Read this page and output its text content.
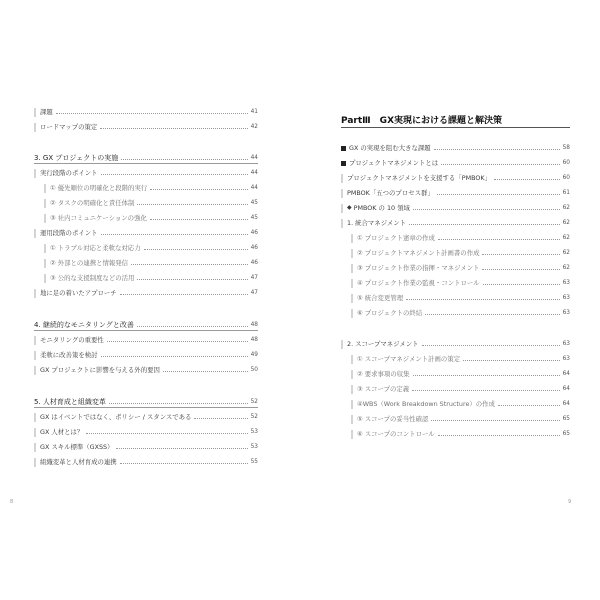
8	9
PartⅢ　GX実現における課題と解決策
課題	41
ロードマップの策定	42
3. GX プロジェクトの実施	44
実行段階のポイント	44
① 優先順位の明確化と段階的実行	44
② タスクの明確化と責任体制	45
③ 社内コミュニケーションの強化	45
運用段階のポイント	46
① トラブル対応と柔軟な対応力	46
② 外部との連携と情報発信	46
③ 公的な支援制度などの活用	47
地に足の着いたアプローチ	47
4. 継続的なモニタリングと改善	48
モニタリングの重要性	48
柔軟に改善策を検討	49
GX プロジェクトに影響を与える外的要因	50
5. 人材育成と組織変革	52
GX はイベントではなく、ポリシー / スタンスである	52
GX 人材とは？	53
GX スキル標準（GXSS）	53
組織変革と人材育成の連携	55
GX の実現を阻む大きな課題	58
プロジェクトマネジメントとは	60
プロジェクトマネジメントを支援する「PMBOK」	60
PMBOK「五つのプロセス群」	61
◆ PMBOK の 10 領域	62
1. 統合マネジメント	62
① プロジェクト憲章の作成	62
② プロジェクトマネジメント計画書の作成	62
③ プロジェクト作業の指揮・マネジメント	62
④ プロジェクト作業の監視・コントロール	63
⑤ 統合変更管理	63
⑥ プロジェクトの終結	63
2. スコープマネジメント	63
① スコープマネジメント計画の策定	63
② 要求事項の収集	64
③ スコープの定義	64
④WBS（Work Breakdown Structure）の作成	64
⑤ スコープの妥当性確認	65
⑥ スコープのコントロール	65
